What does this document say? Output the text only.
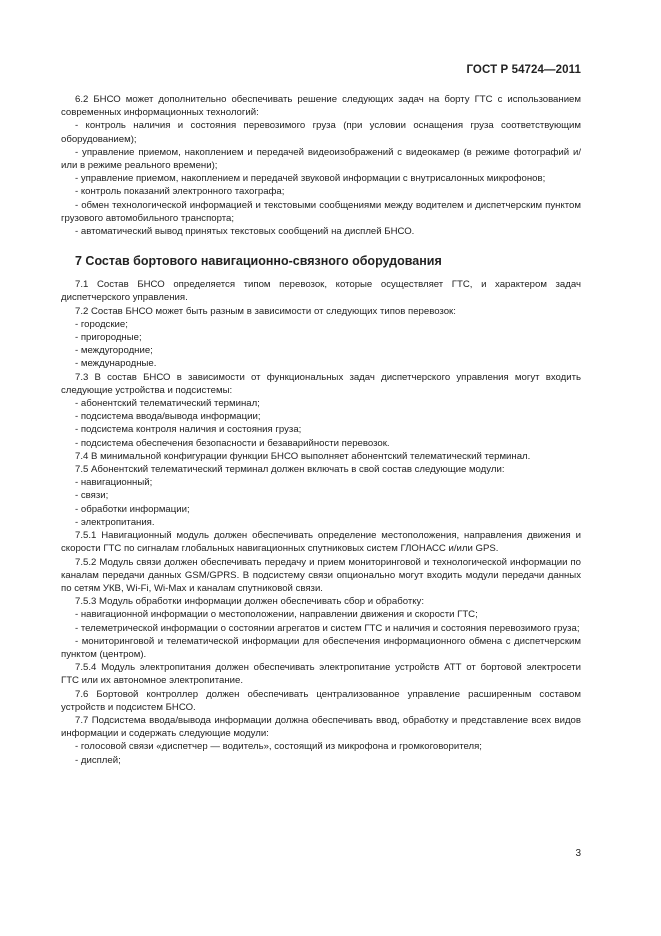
ГОСТ Р 54724—2011

6.2 БНСО может дополнительно обеспечивать решение следующих задач на борту ГТС с использованием современных информационных технологий:

- контроль наличия и состояния перевозимого груза (при условии оснащения груза соответствующим оборудованием);

- управление приемом, накоплением и передачей видеоизображений с видеокамер (в режиме фотографий и/или в режиме реального времени);

- управление приемом, накоплением и передачей звуковой информации с внутрисалонных микрофонов;

- контроль показаний электронного тахографа;

- обмен технологической информацией и текстовыми сообщениями между водителем и диспетчерским пунктом грузового автомобильного транспорта;

- автоматический вывод принятых текстовых сообщений на дисплей БНСО.

7 Состав бортового навигационно-связного оборудования

7.1 Состав БНСО определяется типом перевозок, которые осуществляет ГТС, и характером задач диспетчерского управления.

7.2 Состав БНСО может быть разным в зависимости от следующих типов перевозок:

- городские;

- пригородные;

- междугородние;

- международные.

7.3 В состав БНСО в зависимости от функциональных задач диспетчерского управления могут входить следующие устройства и подсистемы:

- абонентский телематический терминал;

- подсистема ввода/вывода информации;

- подсистема контроля наличия и состояния груза;

- подсистема обеспечения безопасности и безаварийности перевозок.

7.4 В минимальной конфигурации функции БНСО выполняет абонентский телематический терминал.

7.5 Абонентский телематический терминал должен включать в свой состав следующие модули:

- навигационный;

- связи;

- обработки информации;

- электропитания.

7.5.1 Навигационный модуль должен обеспечивать определение местоположения, направления движения и скорости ГТС по сигналам глобальных навигационных спутниковых систем ГЛОНАСС и/или GPS.

7.5.2 Модуль связи должен обеспечивать передачу и прием мониторинговой и технологической информации по каналам передачи данных GSM/GPRS. В подсистему связи опционально могут входить модули передачи данных по сетям УКВ, Wi-Fi, Wi-Max и каналам спутниковой связи.

7.5.3 Модуль обработки информации должен обеспечивать сбор и обработку:

- навигационной информации о местоположении, направлении движения и скорости ГТС;

- телеметрической информации о состоянии агрегатов и систем ГТС и наличия и состояния перевозимого груза;

- мониторинговой и телематической информации для обеспечения информационного обмена с диспетчерским пунктом (центром).

7.5.4 Модуль электропитания должен обеспечивать электропитание устройств АТТ от бортовой электросети ГТС или их автономное электропитание.

7.6 Бортовой контроллер должен обеспечивать централизованное управление расширенным составом устройств и подсистем БНСО.

7.7 Подсистема ввода/вывода информации должна обеспечивать ввод, обработку и представление всех видов информации и содержать следующие модули:

- голосовой связи «диспетчер — водитель», состоящий из микрофона и громкоговорителя;

- дисплей;

3
